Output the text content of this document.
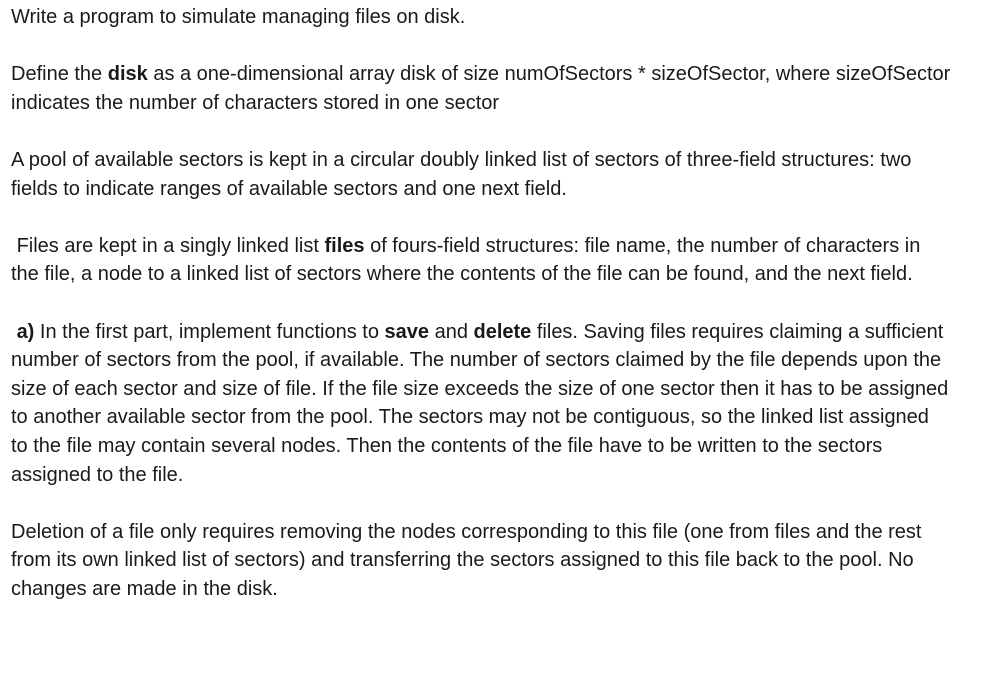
Write a program to simulate managing files on disk.

Define the disk as a one-dimensional array disk of size numOfSectors * sizeOfSector, where sizeOfSector indicates the number of characters stored in one sector

A pool of available sectors is kept in a circular doubly linked list of sectors of three-field structures: two fields to indicate ranges of available sectors and one next field.

Files are kept in a singly linked list files of fours-field structures: file name, the number of characters in the file, a node to a linked list of sectors where the contents of the file can be found, and the next field.

a) In the first part, implement functions to save and delete files. Saving files requires claiming a sufficient number of sectors from the pool, if available. The number of sectors claimed by the file depends upon the size of each sector and size of file. If the file size exceeds the size of one sector then it has to be assigned to another available sector from the pool. The sectors may not be contiguous, so the linked list assigned to the file may contain several nodes. Then the contents of the file have to be written to the sectors assigned to the file.

Deletion of a file only requires removing the nodes corresponding to this file (one from files and the rest from its own linked list of sectors) and transferring the sectors assigned to this file back to the pool. No changes are made in the disk.
